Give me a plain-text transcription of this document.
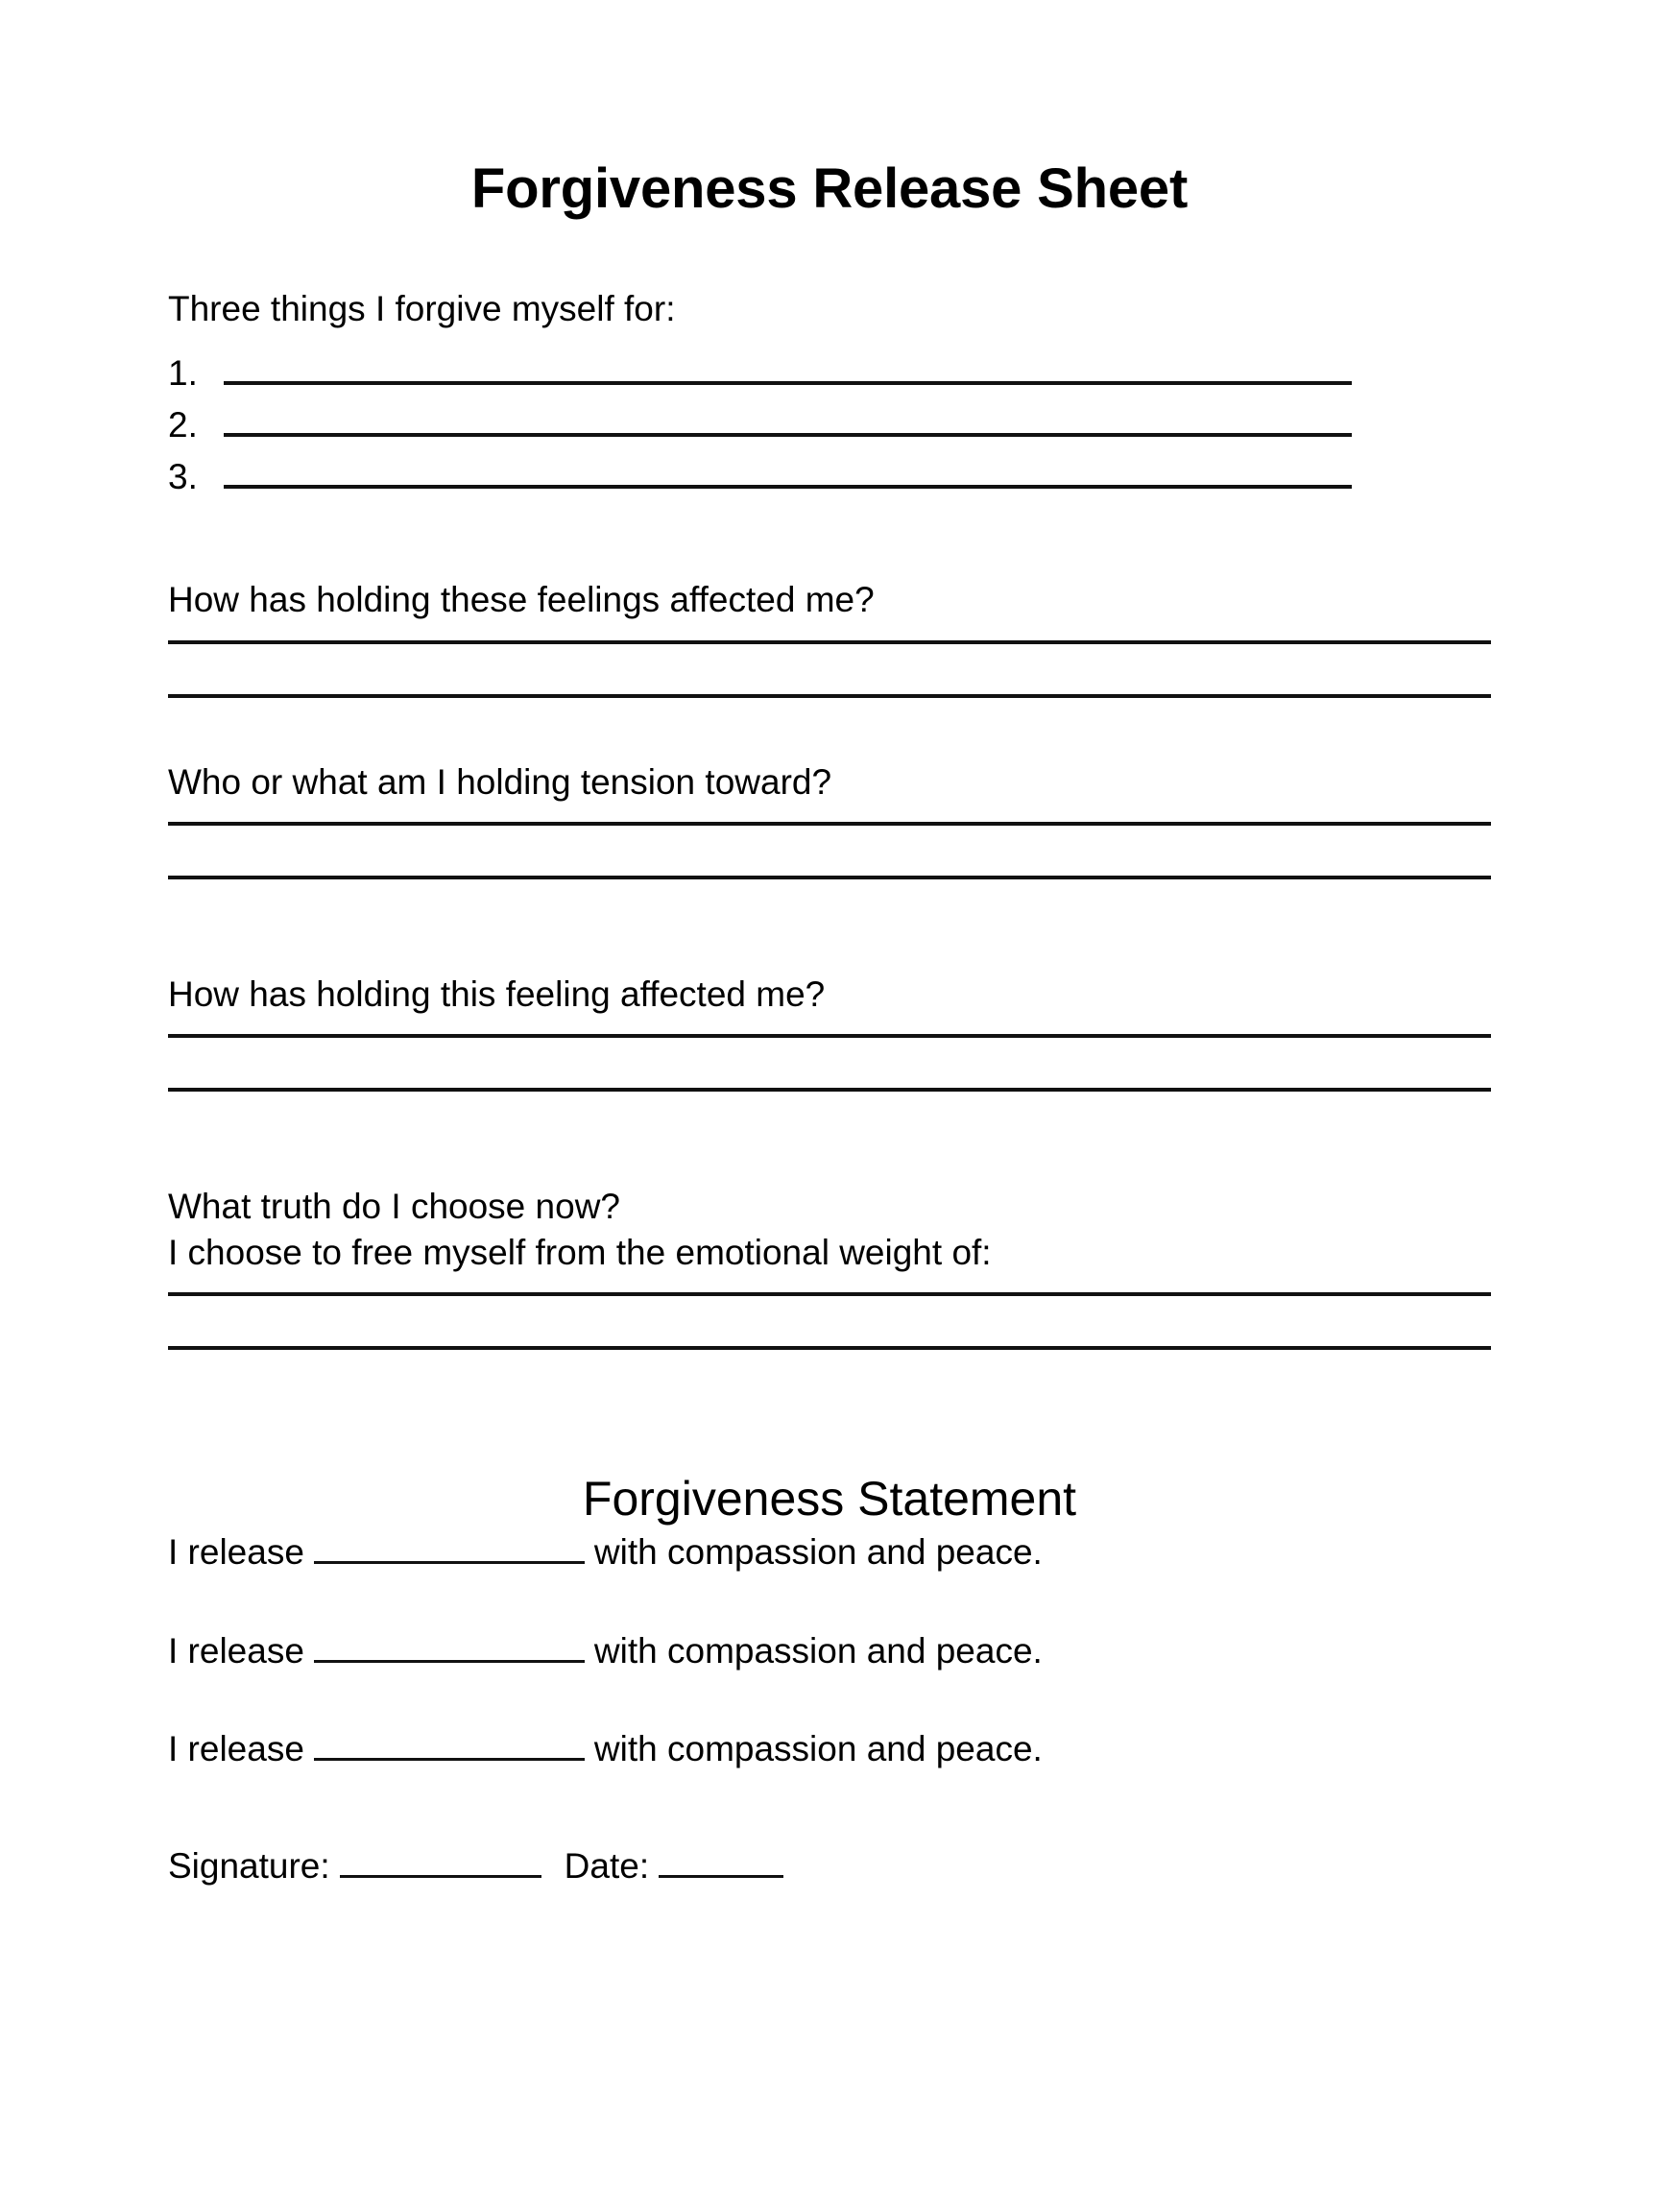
Forgiveness Release Sheet

Three things I forgive myself for:

1.
2.
3.

How has holding these feelings affected me?

Who or what am I holding tension toward?

How has holding this feeling affected me?

What truth do I choose now?

I choose to free myself from the emotional weight of:

Forgiveness Statement
I release	with compassion and peace.
I release	with compassion and peace.
I release	with compassion and peace.
Signature:	Date:
